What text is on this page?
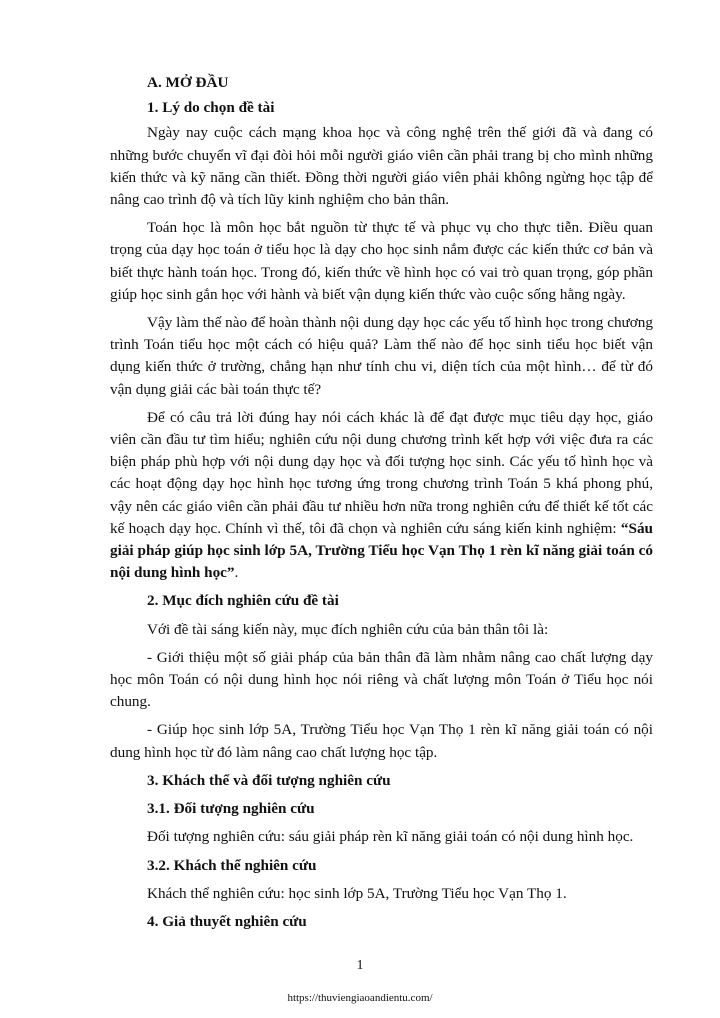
A. MỞ ĐẦU

1. Lý do chọn đề tài

Ngày nay cuộc cách mạng khoa học và công nghệ trên thế giới đã và đang có những bước chuyển vĩ đại đòi hỏi mỗi người giáo viên cần phải trang bị cho mình những kiến thức và kỹ năng cần thiết. Đồng thời người giáo viên phải không ngừng học tập để nâng cao trình độ và tích lũy kinh nghiệm cho bản thân.

Toán học là môn học bắt nguồn từ thực tế và phục vụ cho thực tiễn. Điều quan trọng của dạy học toán ở tiểu học là dạy cho học sinh nắm được các kiến thức cơ bản và biết thực hành toán học. Trong đó, kiến thức về hình học có vai trò quan trọng, góp phần giúp học sinh gắn học với hành và biết vận dụng kiến thức vào cuộc sống hằng ngày.

Vậy làm thế nào để hoàn thành nội dung dạy học các yếu tố hình học trong chương trình Toán tiểu học một cách có hiệu quả? Làm thế nào để học sinh tiểu học biết vận dụng kiến thức ở trường, chẳng hạn như tính chu vi, diện tích của một hình… để từ đó vận dụng giải các bài toán thực tế?

Để có câu trả lời đúng hay nói cách khác là để đạt được mục tiêu dạy học, giáo viên cần đầu tư tìm hiểu; nghiên cứu nội dung chương trình kết hợp với việc đưa ra các biện pháp phù hợp với nội dung dạy học và đối tượng học sinh. Các yếu tố hình học và các hoạt động dạy học hình học tương ứng trong chương trình Toán 5 khá phong phú, vậy nên các giáo viên cần phải đầu tư nhiều hơn nữa trong nghiên cứu để thiết kế tốt các kế hoạch dạy học. Chính vì thế, tôi đã chọn và nghiên cứu sáng kiến kinh nghiệm: “Sáu giải pháp giúp học sinh lớp 5A, Trường Tiểu học Vạn Thọ 1 rèn kĩ năng giải toán có nội dung hình học”.

2. Mục đích nghiên cứu đề tài

Với đề tài sáng kiến này, mục đích nghiên cứu của bản thân tôi là:

- Giới thiệu một số giải pháp của bản thân đã làm nhằm nâng cao chất lượng dạy học môn Toán có nội dung hình học nói riêng và chất lượng môn Toán ở Tiểu học nói chung.

- Giúp học sinh lớp 5A, Trường Tiểu học Vạn Thọ 1 rèn kĩ năng giải toán có nội dung hình học từ đó làm nâng cao chất lượng học tập.

3. Khách thể và đối tượng nghiên cứu

3.1. Đối tượng nghiên cứu

Đối tượng nghiên cứu: sáu giải pháp rèn kĩ năng giải toán có nội dung hình học.

3.2. Khách thể nghiên cứu

Khách thể nghiên cứu: học sinh lớp 5A, Trường Tiểu học Vạn Thọ 1.

4. Giả thuyết nghiên cứu

1
https://thuviengiaoandientu.com/
